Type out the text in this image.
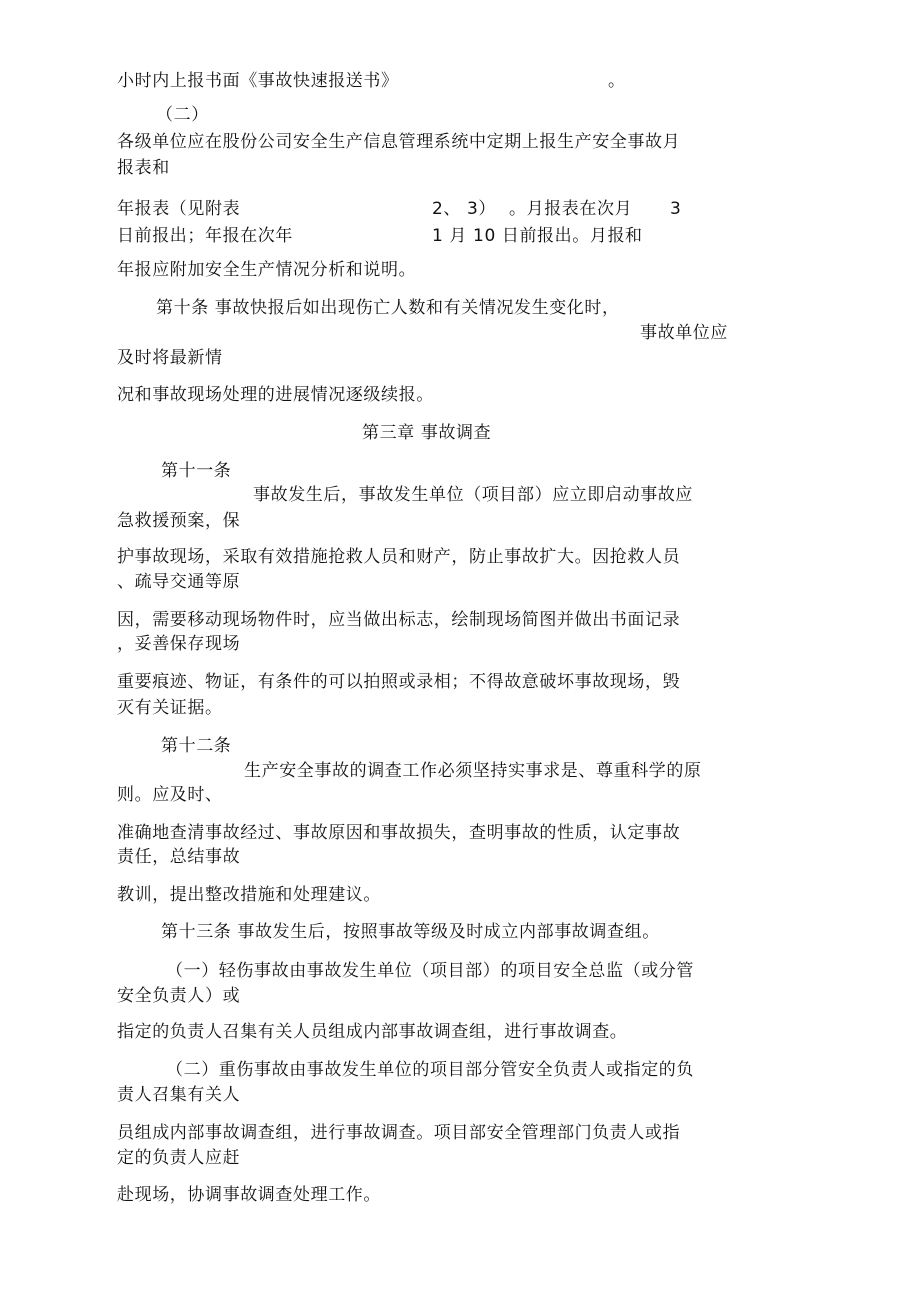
小时内上报书面《事故快速报送书》	。
（二）
各级单位应在股份公司安全生产信息管理系统中定期上报生产安全事故月
报表和
年报表（见附表	2、 3） 。月报表在次月 3
日前报出；年报在次年	1 月 10 日前报出。月报和
年报应附加安全生产情况分析和说明。
第十条 事故快报后如出现伤亡人数和有关情况发生变化时，
事故单位应
及时将最新情
况和事故现场处理的进展情况逐级续报。
第三章 事故调查
第十一条
事故发生后，事故发生单位（项目部）应立即启动事故应
急救援预案，保
护事故现场，采取有效措施抢救人员和财产，防止事故扩大。因抢救人员
、疏导交通等原
因，需要移动现场物件时，应当做出标志，绘制现场简图并做出书面记录
，妥善保存现场
重要痕迹、物证，有条件的可以拍照或录相；不得故意破坏事故现场，毁
灭有关证据。
第十二条
生产安全事故的调查工作必须坚持实事求是、尊重科学的原
则。应及时、
准确地查清事故经过、事故原因和事故损失，查明事故的性质，认定事故
责任，总结事故
教训，提出整改措施和处理建议。
第十三条 事故发生后，按照事故等级及时成立内部事故调查组。
（一）轻伤事故由事故发生单位（项目部）的项目安全总监（或分管
安全负责人）或
指定的负责人召集有关人员组成内部事故调查组，进行事故调查。
（二）重伤事故由事故发生单位的项目部分管安全负责人或指定的负
责人召集有关人
员组成内部事故调查组，进行事故调查。项目部安全管理部门负责人或指
定的负责人应赶
赴现场，协调事故调查处理工作。
